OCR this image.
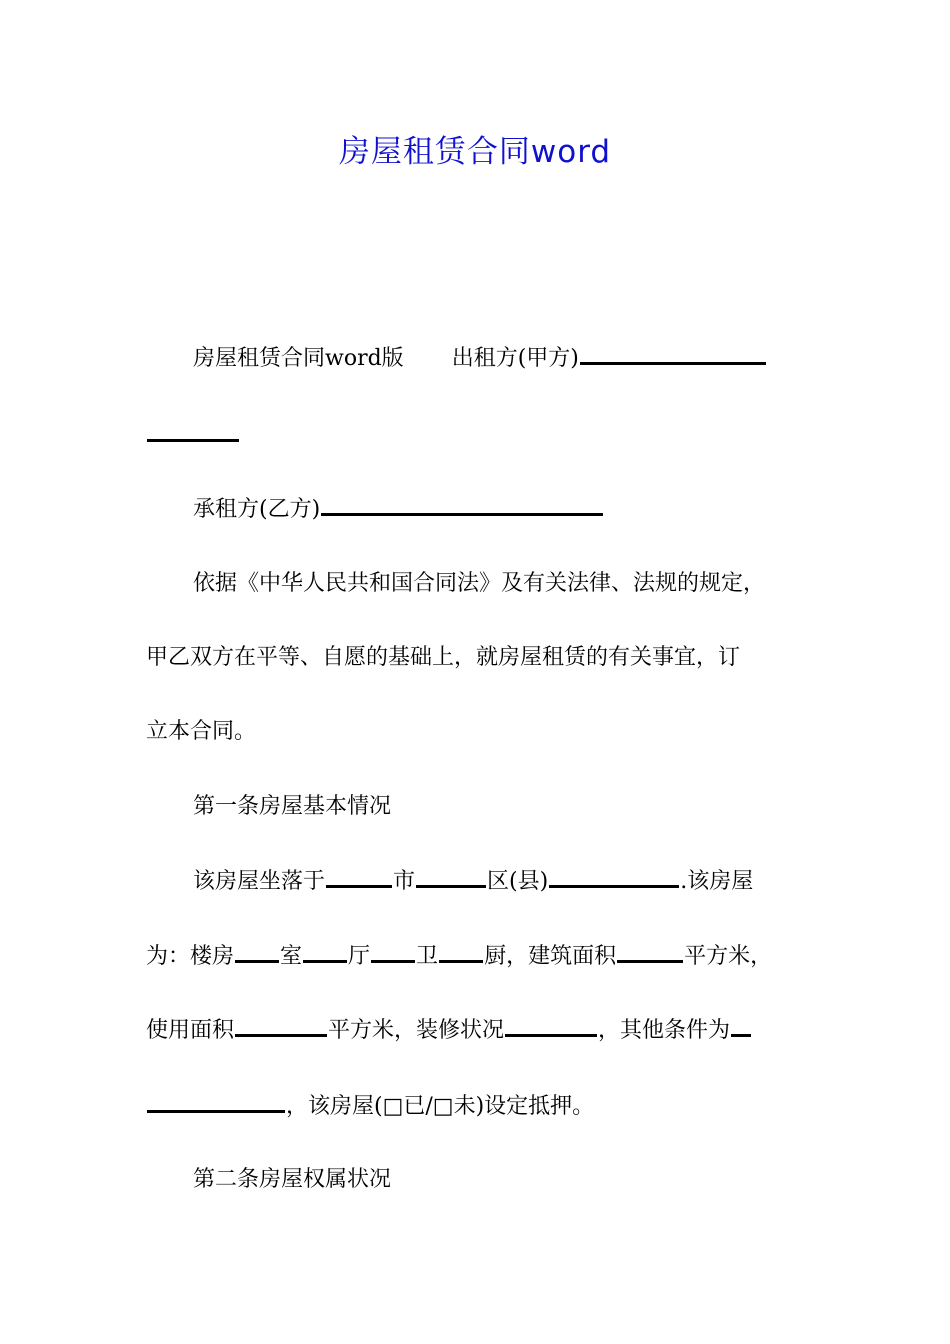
房屋租赁合同word
房屋租赁合同word版 出租方(甲方)
承租方(乙方)
依据《中华人民共和国合同法》及有关法律、法规的规定，
甲乙双方在平等、自愿的基础上，就房屋租赁的有关事宜，订
立本合同。
第一条房屋基本情况
该房屋坐落于	市	区(县)	.该房屋
为：楼房 室 厅 卫 厨，建筑面积	平方米，
使用面积	平方米，装修状况	，其他条件为
，该房屋(□已/□未)设定抵押。
第二条房屋权属状况
